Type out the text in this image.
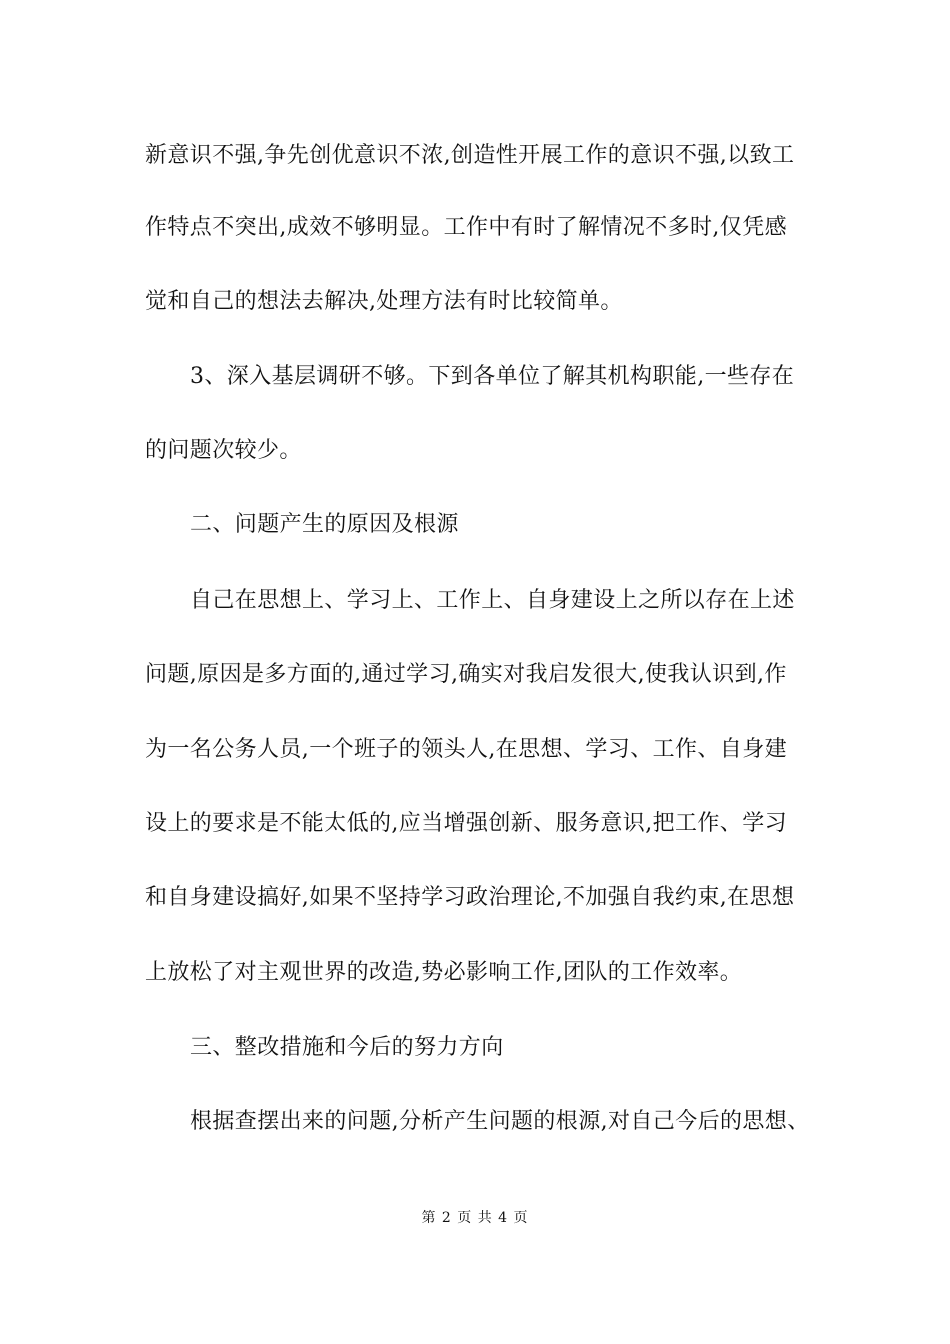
新意识不强,争先创优意识不浓,创造性开展工作的意识不强,以致工
作特点不突出,成效不够明显。工作中有时了解情况不多时,仅凭感
觉和自己的想法去解决,处理方法有时比较简单。
3、深入基层调研不够。下到各单位了解其机构职能,一些存在
的问题次较少。
二、问题产生的原因及根源
自己在思想上、学习上、工作上、自身建设上之所以存在上述
问题,原因是多方面的,通过学习,确实对我启发很大,使我认识到,作
为一名公务人员,一个班子的领头人,在思想、学习、工作、自身建
设上的要求是不能太低的,应当增强创新、服务意识,把工作、学习
和自身建设搞好,如果不坚持学习政治理论,不加强自我约束,在思想
上放松了对主观世界的改造,势必影响工作,团队的工作效率。
三、整改措施和今后的努力方向
根据查摆出来的问题,分析产生问题的根源,对自己今后的思想、
第 2 页 共 4 页
